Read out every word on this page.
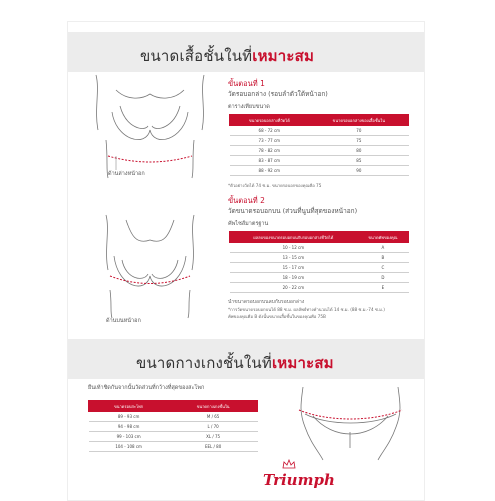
ขนาดเสื้อชั้นในที่เหมาะสม
ขั้นตอนที่ 1
วัดรอบอกล่าง (รอบลำตัวใต้หน้าอก)
ตารางเทียบขนาด
ขนาดรอบอกล่างที่วัดได้	ขนาดรอบอกล่างของเสื้อชั้นใน
68 - 72 cm	70
73 - 77 cm	75
78 - 82 cm	80
83 - 87 cm	85
88 - 92 cm	90
*ตัวอย่างวัดได้ 74 ซ.ม. ขนาดรอบอกของคุณคือ 75
ด้านล่างหน้าอก
ขั้นตอนที่ 2
วัดขนาดรอบอกบน (ส่วนที่นูนที่สุดของหน้าอก)
คัพไซส์มาตรฐาน
ผลลบของขนาดรอบอกบนกับรอบอกล่างที่วัดได้	ขนาดคัพของคุณ
10 - 12 cm	A
13 - 15 cm	B
15 - 17 cm	C
18 - 19 cm	D
20 - 22 cm	E
นำขนาดรอบอกบนลบกับรอบอกล่าง
*การวัดขนาดรอบอกบนได้ 88 ซ.ม. ผลลัพธ์ทางคำนวณได้ 14 ซ.ม. (88 ซ.ม.-74 ซ.ม.)
คัพของคุณคือ B ดังนั้นขนาดเสื้อชั้นในของคุณคือ 75B
ด้านบนหน้าอก
ขนาดกางเกงชั้นในที่เหมาะสม
ยืนเท้าชิดกันจากนั้นวัดส่วนที่กว้างที่สุดของสะโพก
ขนาดรอบสะโพก	ขนาดกางเกงชั้นใน
89 - 93 cm	M / 65
94 - 98 cm	L / 70
99 - 103 cm	XL / 75
104 - 108 cm	EEL / 80
Triumph
